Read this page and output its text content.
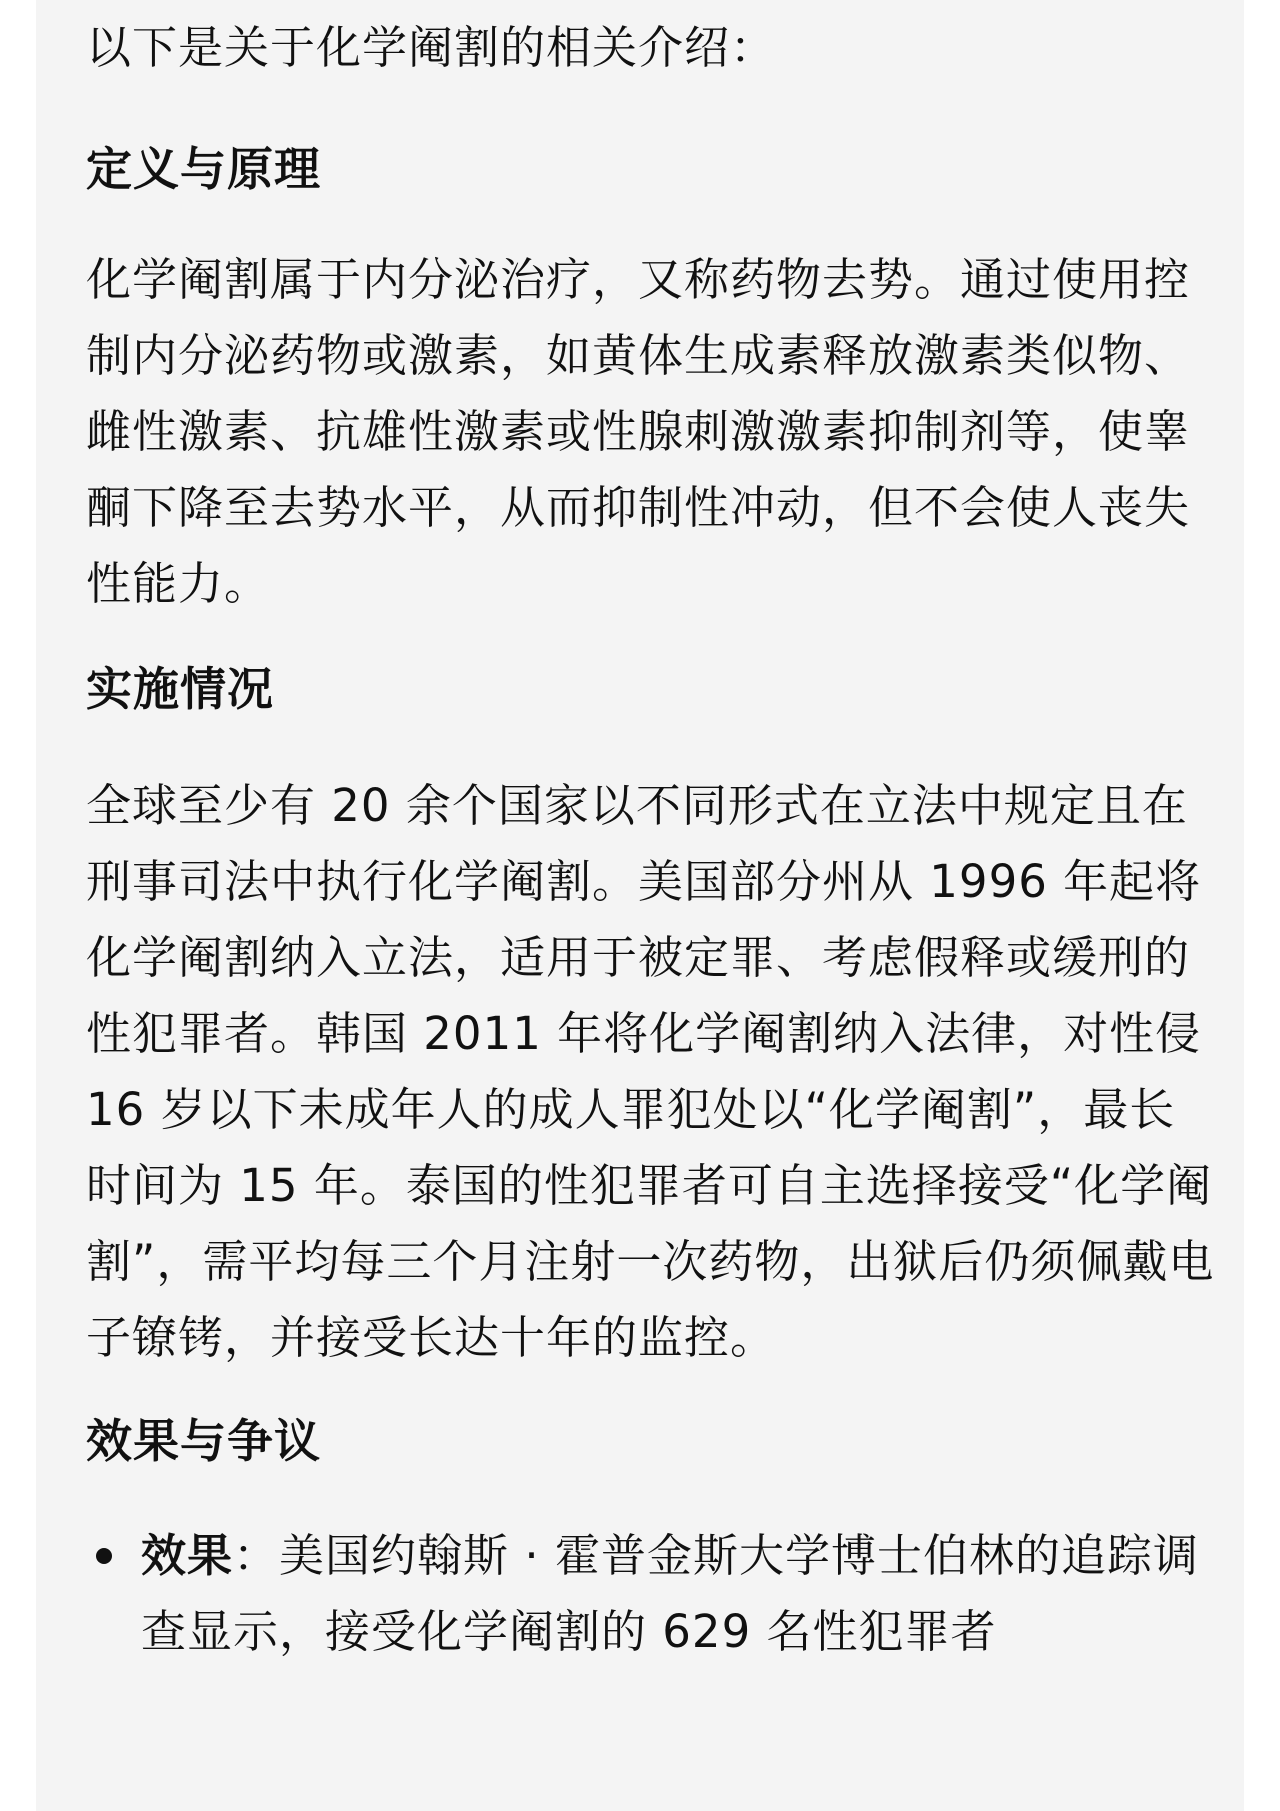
以下是关于化学阉割的相关介绍：

定义与原理

化学阉割属于内分泌治疗，又称药物去势。通过使用控制内分泌药物或激素，如黄体生成素释放激素类似物、雌性激素、抗雄性激素或性腺刺激激素抑制剂等，使睾酮下降至去势水平，从而抑制性冲动，但不会使人丧失性能力。

实施情况

全球至少有 20 余个国家以不同形式在立法中规定且在刑事司法中执行化学阉割。美国部分州从 1996 年起将化学阉割纳入立法，适用于被定罪、考虑假释或缓刑的性犯罪者。韩国 2011 年将化学阉割纳入法律，对性侵 16 岁以下未成年人的成人罪犯处以“化学阉割”，最长时间为 15 年。泰国的性犯罪者可自主选择接受“化学阉割”，需平均每三个月注射一次药物，出狱后仍须佩戴电子镣铐，并接受长达十年的监控。

效果与争议

效果：美国约翰斯 · 霍普金斯大学博士伯林的追踪调查显示，接受化学阉割的 629 名性犯罪者
